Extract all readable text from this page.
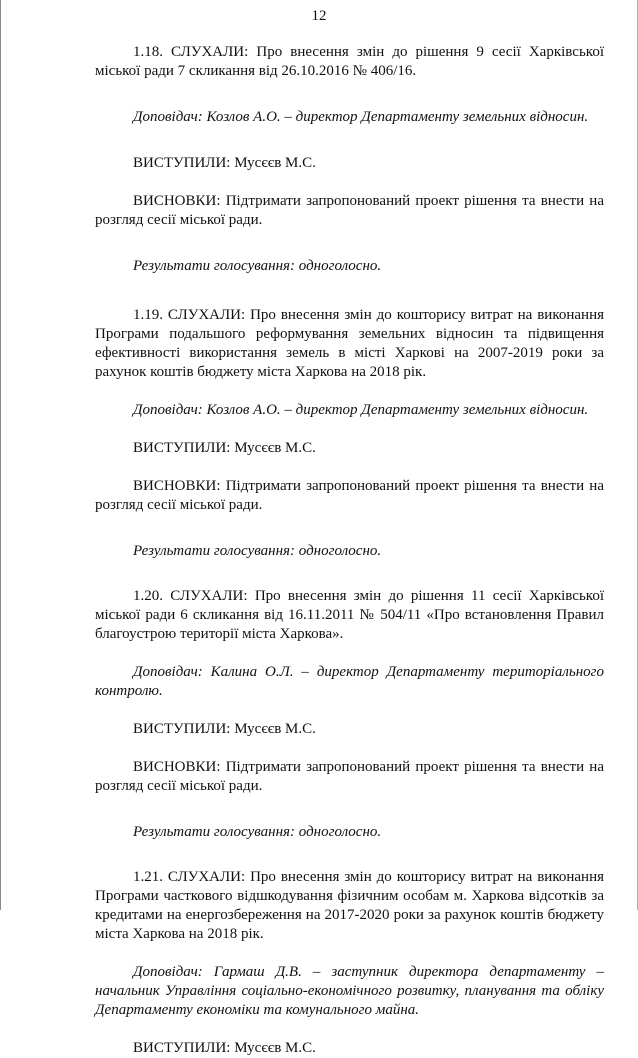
12

1.18. СЛУХАЛИ: Про внесення змін до рішення 9 сесії Харківської міської ради 7 скликання від 26.10.2016 № 406/16.

Доповідач: Козлов А.О. – директор Департаменту земельних відносин.

ВИСТУПИЛИ: Мусєєв М.С.

ВИСНОВКИ: Підтримати запропонований проект рішення та внести на розгляд сесії міської ради.

Результати голосування: одноголосно.

1.19. СЛУХАЛИ: Про внесення змін до кошторису витрат на виконання Програми подальшого реформування земельних відносин та підвищення ефективності використання земель в місті Харкові на 2007-2019 роки за рахунок коштів бюджету міста Харкова на 2018 рік.

Доповідач: Козлов А.О. – директор Департаменту земельних відносин.

ВИСТУПИЛИ: Мусєєв М.С.

ВИСНОВКИ: Підтримати запропонований проект рішення та внести на розгляд сесії міської ради.

Результати голосування: одноголосно.

1.20. СЛУХАЛИ: Про внесення змін до рішення 11 сесії Харківської міської ради 6 скликання від 16.11.2011 № 504/11 «Про встановлення Правил благоустрою території міста Харкова».

Доповідач: Калина О.Л. – директор Департаменту територіального контролю.

ВИСТУПИЛИ: Мусєєв М.С.

ВИСНОВКИ: Підтримати запропонований проект рішення та внести на розгляд сесії міської ради.

Результати голосування: одноголосно.

1.21. СЛУХАЛИ: Про внесення змін до кошторису витрат на виконання Програми часткового відшкодування фізичним особам м. Харкова відсотків за кредитами на енергозбереження на 2017-2020 роки за рахунок коштів бюджету міста Харкова на 2018 рік.

Доповідач: Гармаш Д.В. – заступник директора департаменту – начальник Управління соціально-економічного розвитку, планування та обліку Департаменту економіки та комунального майна.

ВИСТУПИЛИ: Мусєєв М.С.
